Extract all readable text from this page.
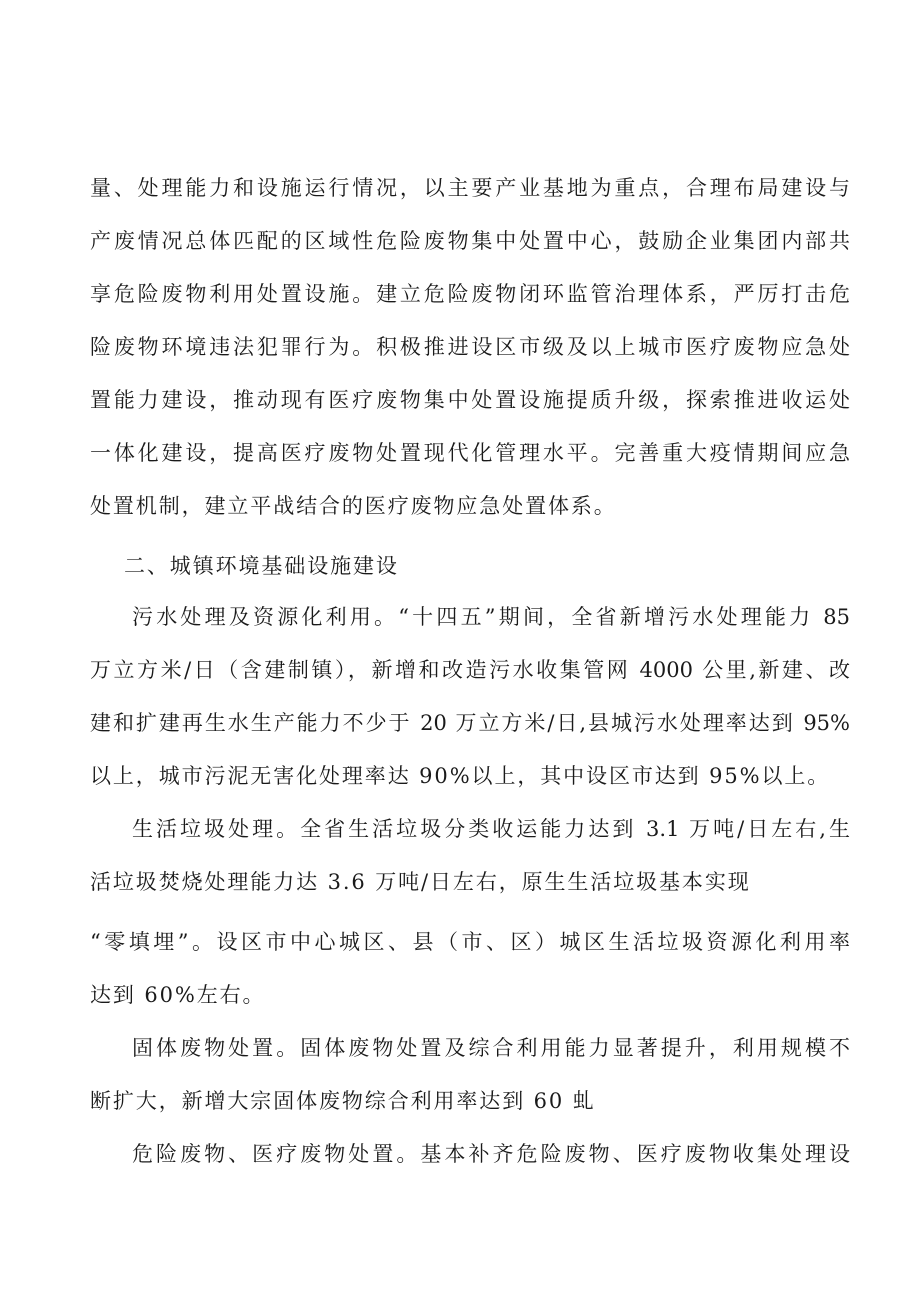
量、处理能力和设施运行情况，以主要产业基地为重点，合理布局建设与
产废情况总体匹配的区域性危险废物集中处置中心，鼓励企业集团内部共
享危险废物利用处置设施。建立危险废物闭环监管治理体系，严厉打击危
险废物环境违法犯罪行为。积极推进设区市级及以上城市医疗废物应急处
置能力建设，推动现有医疗废物集中处置设施提质升级，探索推进收运处
一体化建设，提高医疗废物处置现代化管理水平。完善重大疫情期间应急
处置机制，建立平战结合的医疗废物应急处置体系。
二、城镇环境基础设施建设
污水处理及资源化利用。“十四五”期间，全省新增污水处理能力 85
万立方米/日（含建制镇），新增和改造污水收集管网 4000 公里,新建、改
建和扩建再生水生产能力不少于 20 万立方米/日,县城污水处理率达到 95%
以上，城市污泥无害化处理率达 90%以上，其中设区市达到 95%以上。
生活垃圾处理。全省生活垃圾分类收运能力达到 3.1 万吨/日左右,生
活垃圾焚烧处理能力达 3.6 万吨/日左右，原生生活垃圾基本实现
“零填埋”。设区市中心城区、县（市、区）城区生活垃圾资源化利用率
达到 60%左右。
固体废物处置。固体废物处置及综合利用能力显著提升，利用规模不
断扩大，新增大宗固体废物综合利用率达到 60 虬
危险废物、医疗废物处置。基本补齐危险废物、医疗废物收集处理设
